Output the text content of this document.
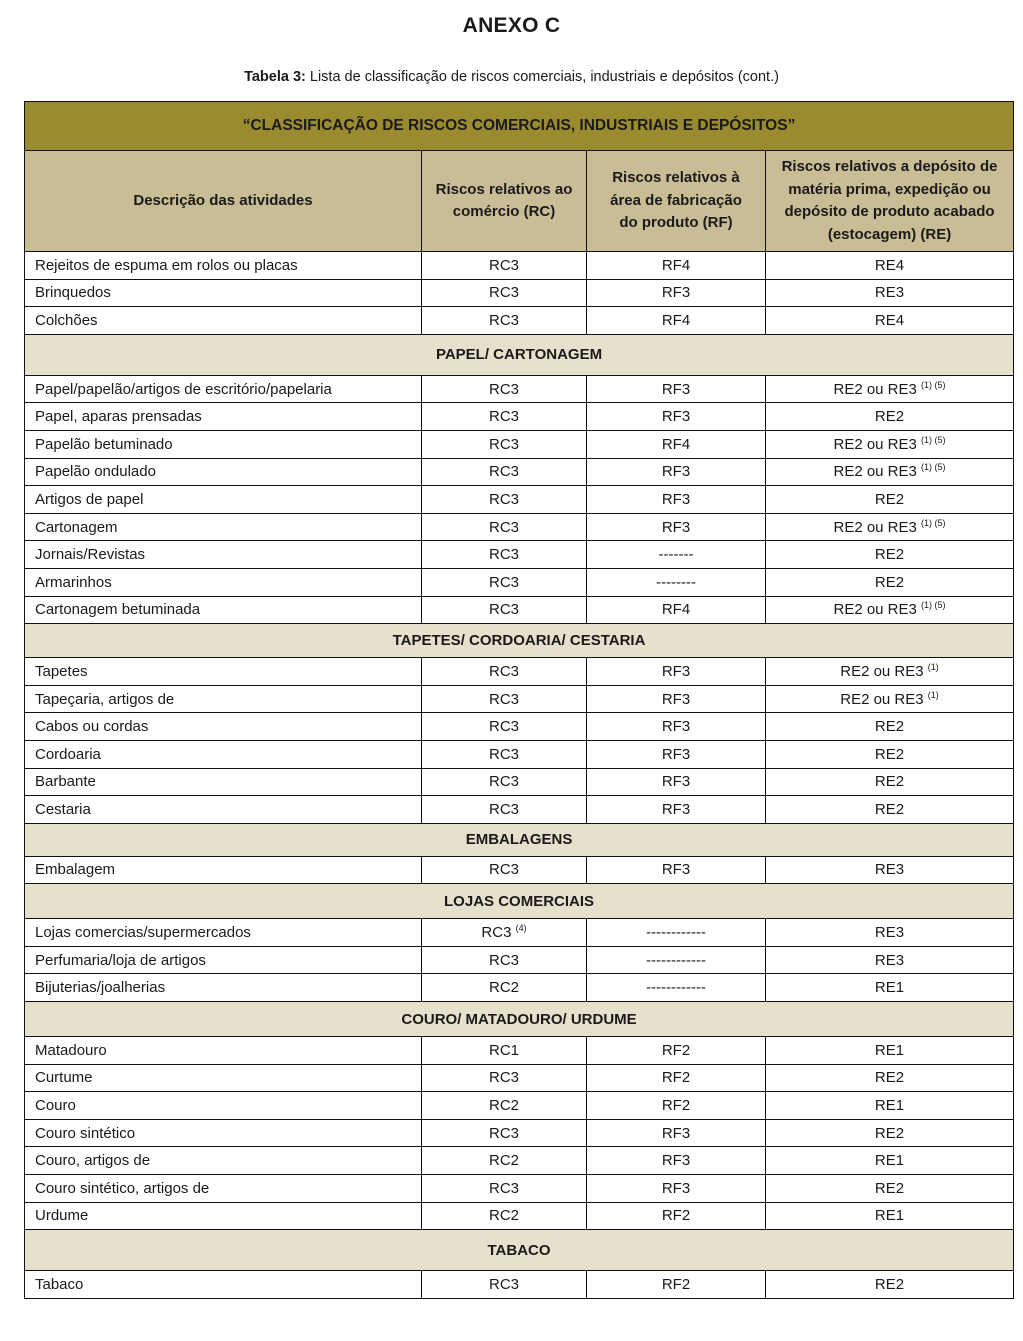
ANEXO C
Tabela 3: Lista de classificação de riscos comerciais, industriais e depósitos (cont.)
“CLASSIFICAÇÃO DE RISCOS COMERCIAIS, INDUSTRIAIS E DEPÓSITOS”			
Descrição das atividades	Riscos relativos ao comércio (RC)	Riscos relativos à área de fabricação do produto (RF)	Riscos relativos a depósito de matéria prima, expedição ou depósito de produto acabado (estocagem) (RE)
Rejeitos de espuma em rolos ou placas	RC3	RF4	RE4
Brinquedos	RC3	RF3	RE3
Colchões	RC3	RF4	RE4
PAPEL/ CARTONAGEM			
Papel/papelão/artigos de escritório/papelaria	RC3	RF3	RE2 ou RE3 $^{(1) (5)}$
Papel, aparas prensadas	RC3	RF3	RE2
Papelão betuminado	RC3	RF4	RE2 ou RE3 $^{(1) (5)}$
Papelão ondulado	RC3	RF3	RE2 ou RE3 $^{(1) (5)}$
Artigos de papel	RC3	RF3	RE2
Cartonagem	RC3	RF3	RE2 ou RE3 $^{(1) (5)}$
Jornais/Revistas	RC3	-------	RE2
Armarinhos	RC3	--------	RE2
Cartonagem betuminada	RC3	RF4	RE2 ou RE3 $^{(1) (5)}$
TAPETES/ CORDOARIA/ CESTARIA			
Tapetes	RC3	RF3	RE2 ou RE3 $^{(1)}$
Tapeçaria, artigos de	RC3	RF3	RE2 ou RE3 $^{(1)}$
Cabos ou cordas	RC3	RF3	RE2
Cordoaria	RC3	RF3	RE2
Barbante	RC3	RF3	RE2
Cestaria	RC3	RF3	RE2
EMBALAGENS			
Embalagem	RC3	RF3	RE3
LOJAS COMERCIAIS			
Lojas comercias/supermercados	RC3 $^{(4)}$	------------	RE3
Perfumaria/loja de artigos	RC3	------------	RE3
Bijuterias/joalherias	RC2	------------	RE1
COURO/ MATADOURO/ URDUME			
Matadouro	RC1	RF2	RE1
Curtume	RC3	RF2	RE2
Couro	RC2	RF2	RE1
Couro sintético	RC3	RF3	RE2
Couro, artigos de	RC2	RF3	RE1
Couro sintético, artigos de	RC3	RF3	RE2
Urdume	RC2	RF2	RE1
TABACO			
Tabaco	RC3	RF2	RE2
